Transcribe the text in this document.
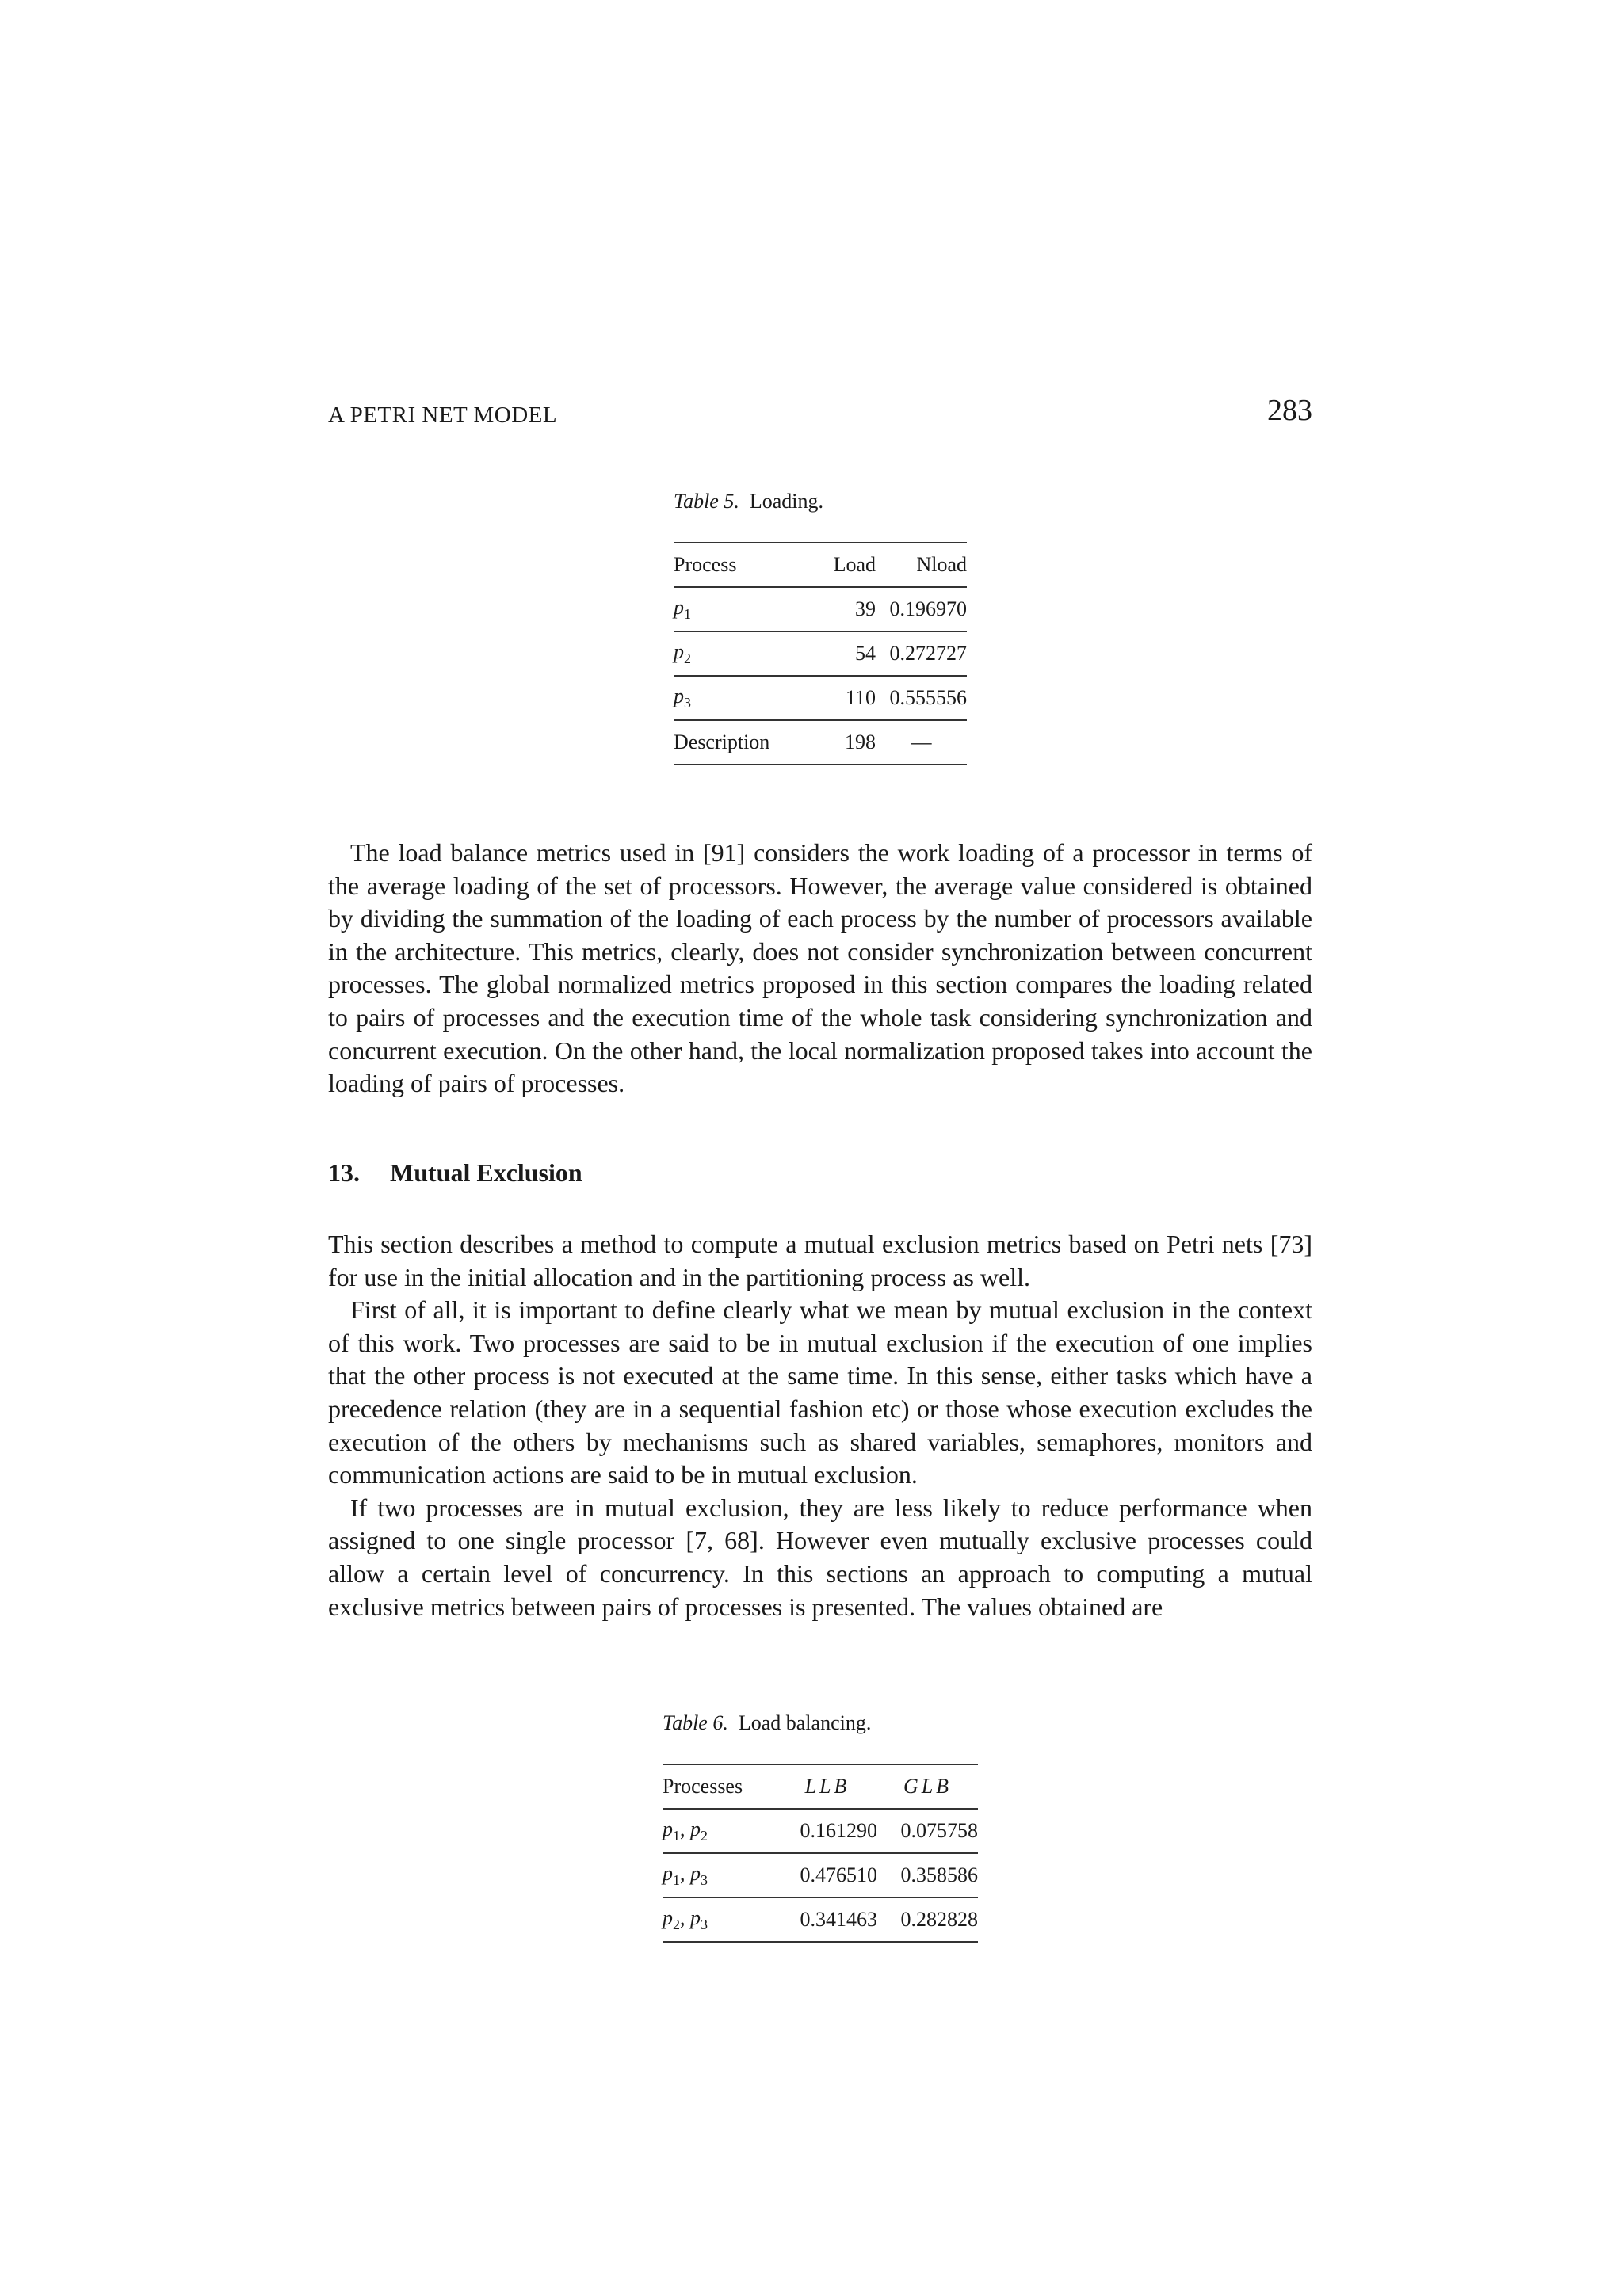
A PETRI NET MODEL	283
Table 5. Loading.
Process	Load	Nload
$p_1$	39	0.196970
$p_2$	54	0.272727
$p_3$	110	0.555556
Description	198	—

The load balance metrics used in [91] considers the work loading of a processor in terms of the average loading of the set of processors. However, the average value considered is obtained by dividing the summation of the loading of each process by the number of processors available in the architecture. This metrics, clearly, does not consider synchronization between concurrent processes. The global normalized metrics proposed in this section compares the loading related to pairs of processes and the execution time of the whole task considering synchronization and concurrent execution. On the other hand, the local normalization proposed takes into account the loading of pairs of processes.

13. Mutual Exclusion

This section describes a method to compute a mutual exclusion metrics based on Petri nets [73] for use in the initial allocation and in the partitioning process as well.

First of all, it is important to define clearly what we mean by mutual exclusion in the context of this work. Two processes are said to be in mutual exclusion if the execution of one implies that the other process is not executed at the same time. In this sense, either tasks which have a precedence relation (they are in a sequential fashion etc) or those whose execution excludes the execution of the others by mechanisms such as shared variables, semaphores, monitors and communication actions are said to be in mutual exclusion.

If two processes are in mutual exclusion, they are less likely to reduce performance when assigned to one single processor [7, 68]. However even mutually exclusive processes could allow a certain level of concurrency. In this sections an approach to computing a mutual exclusive metrics between pairs of processes is presented. The values obtained are

Table 6. Load balancing.
Processes	LLB	GLB
$p_1$, $p_2$	0.161290	0.075758
$p_1$, $p_3$	0.476510	0.358586
$p_2$, $p_3$	0.341463	0.282828
